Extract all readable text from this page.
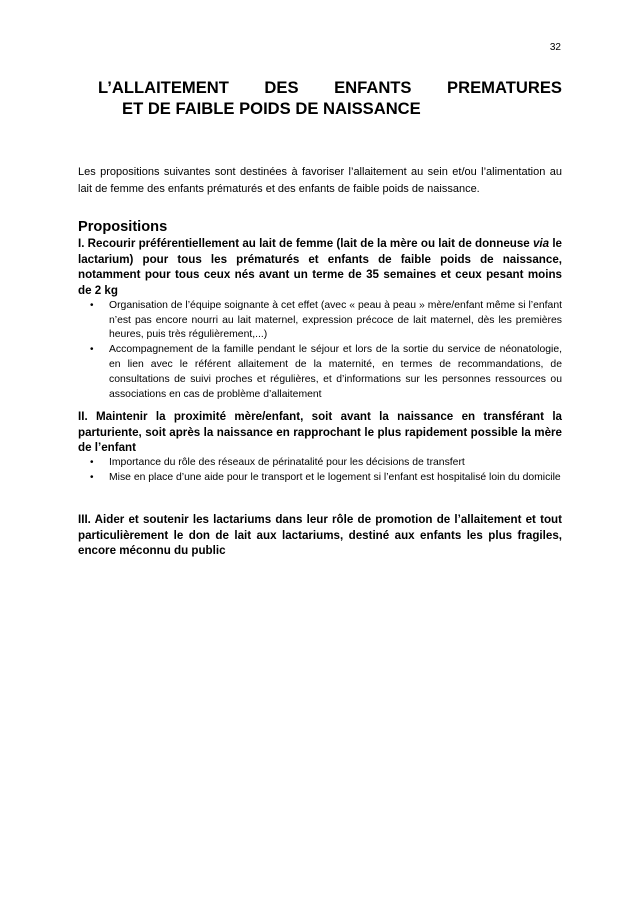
32
L’ALLAITEMENT DES ENFANTS PREMATURES
ET DE FAIBLE POIDS DE NAISSANCE
Les propositions suivantes sont destinées à favoriser l’allaitement au sein et/ou l’alimentation au lait de femme des enfants prématurés et des enfants de faible poids de naissance.
Propositions

I. Recourir préférentiellement au lait de femme (lait de la mère ou lait de donneuse via le lactarium) pour tous les prématurés et enfants de faible poids de naissance, notamment pour tous ceux nés avant un terme de 35 semaines et ceux pesant moins de 2 kg

• Organisation de l’équipe soignante à cet effet (avec « peau à peau » mère/enfant même si l’enfant n’est pas encore nourri au lait maternel, expression précoce de lait maternel, dès les premières heures, puis très régulièrement,...)
• Accompagnement de la famille pendant le séjour et lors de la sortie du service de néonatologie, en lien avec le référent allaitement de la maternité, en termes de recommandations, de consultations de suivi proches et régulières, et d’informations sur les personnes ressources ou associations en cas de problème d’allaitement

II. Maintenir la proximité mère/enfant, soit avant la naissance en transférant la parturiente, soit après la naissance en rapprochant le plus rapidement possible la mère de l’enfant

• Importance du rôle des réseaux de périnatalité pour les décisions de transfert
• Mise en place d’une aide pour le transport et le logement si l’enfant est hospitalisé loin du domicile

III. Aider et soutenir les lactariums dans leur rôle de promotion de l’allaitement et tout particulièrement le don de lait aux lactariums, destiné aux enfants les plus fragiles, encore méconnu du public
